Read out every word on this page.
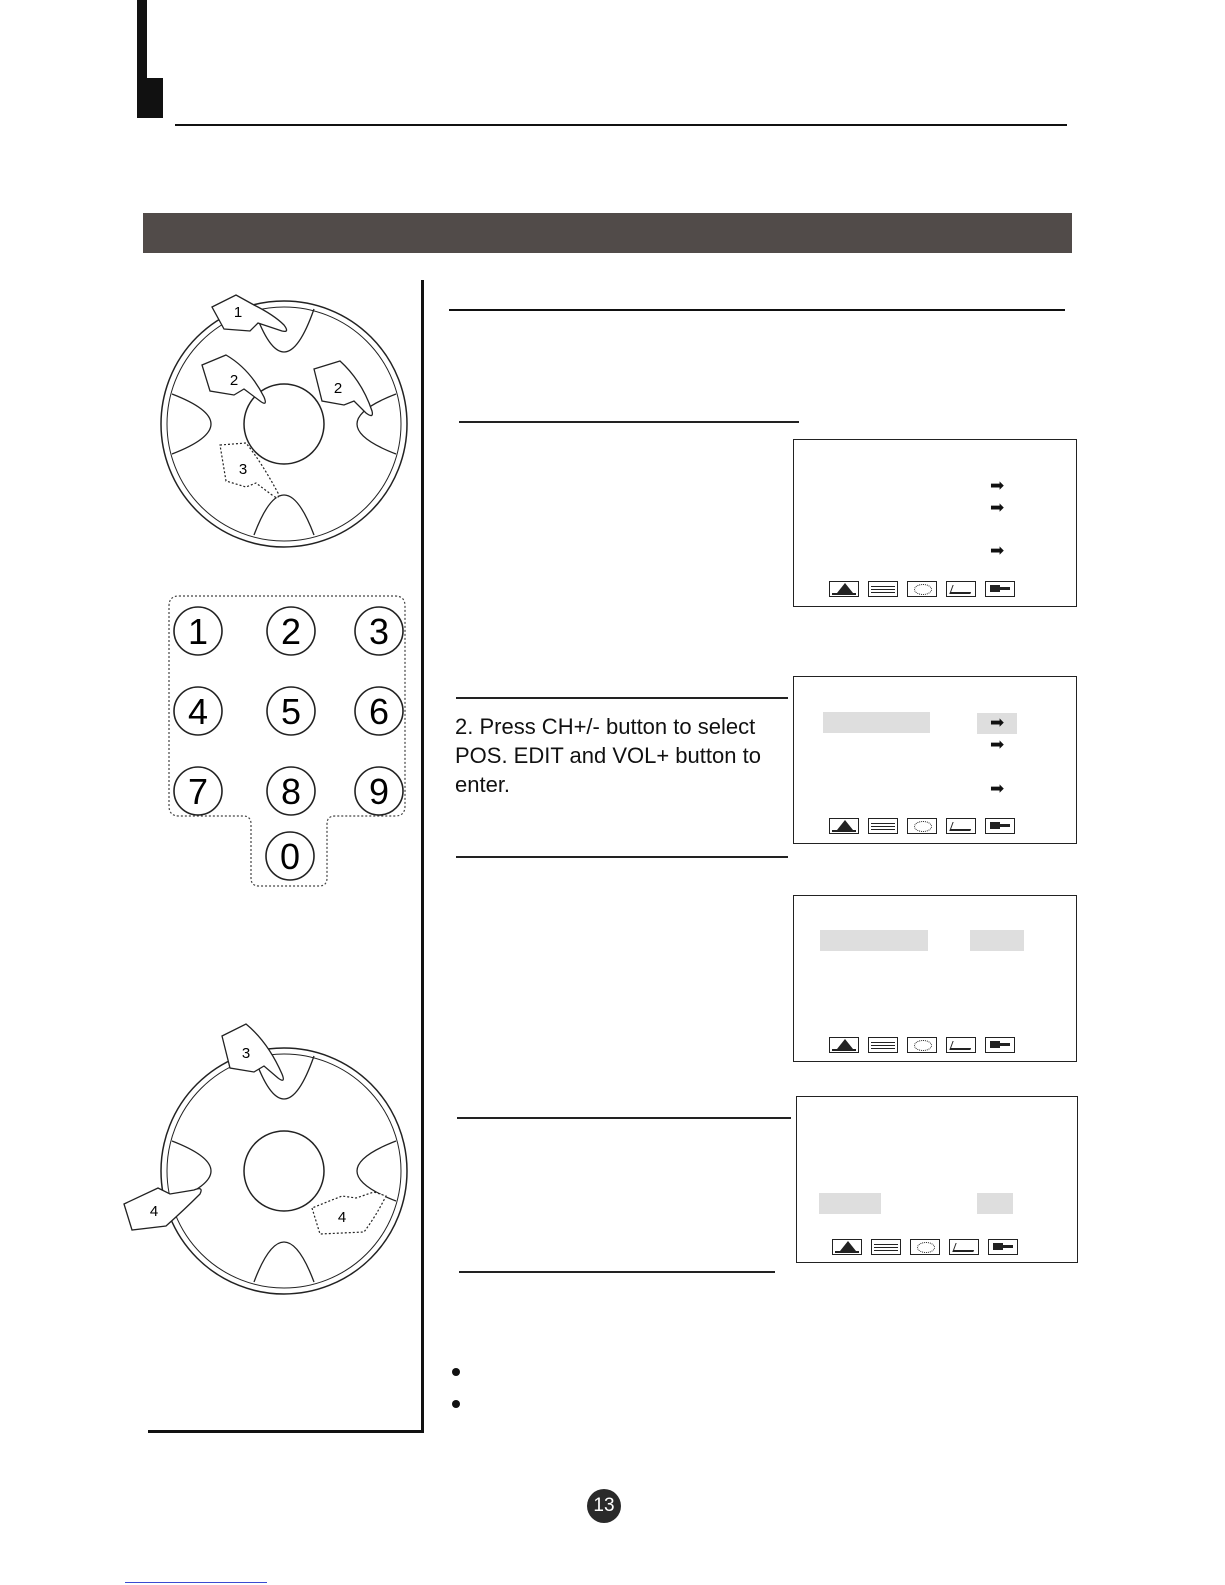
1
2	2
3
1 2 3
4 5 6
7 8 9
0
3
4	4
2. Press CH+/- button to select POS. EDIT and VOL+ button to enter.
➡
➡
➡
➡
➡
➡
13
